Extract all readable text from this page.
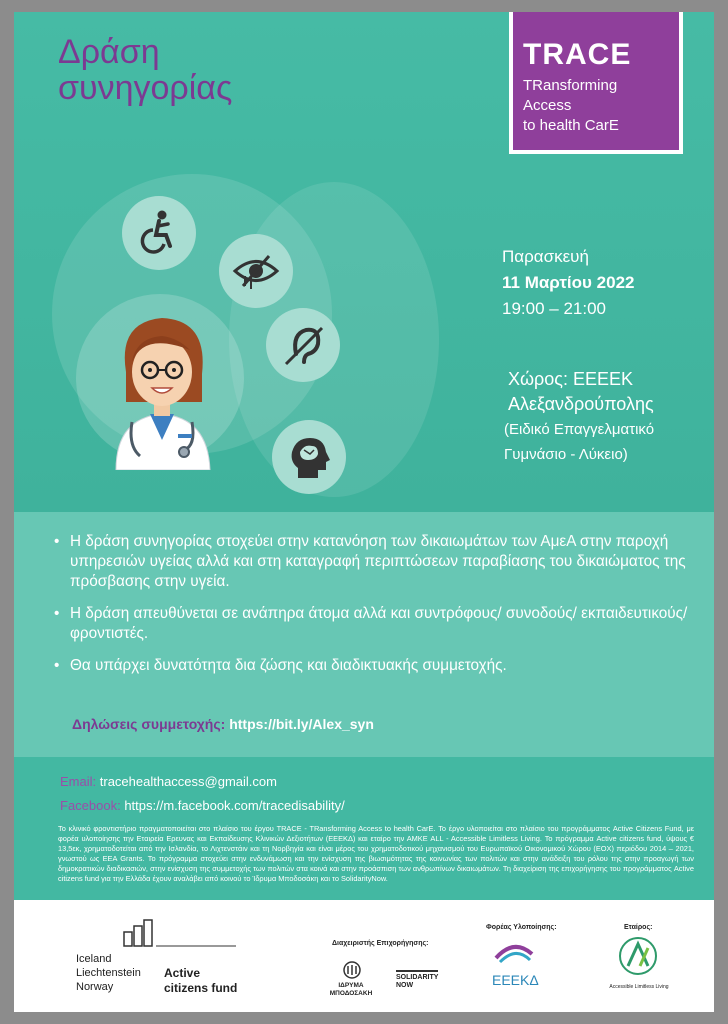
Δράση
συνηγορίας
TRACE
TRansforming
Access
to health CarE
Παρασκευή
11 Μαρτίου 2022
19:00 – 21:00
Χώρος: ΕΕΕΕΚ
Αλεξανδρούπολης
(Ειδικό Επαγγελματικό
Γυμνάσιο - Λύκειο)
• Η δράση συνηγορίας στοχεύει στην κατανόηση των δικαιωμάτων των ΑμεΑ στην παροχή υπηρεσιών υγείας αλλά και στη καταγραφή περιπτώσεων παραβίασης του δικαιώματος της πρόσβασης στην υγεία.
• Η δράση απευθύνεται σε ανάπηρα άτομα αλλά και συντρόφους/ συνοδούς/ εκπαιδευτικούς/ φροντιστές.
• Θα υπάρχει δυνατότητα δια ζώσης και διαδικτυακής συμμετοχής.
Δηλώσεις συμμετοχής: https://bit.ly/Alex_syn
Email: tracehealthaccess@gmail.com
Facebook: https://m.facebook.com/tracedisability/
Το κλινικό φροντιστήριο πραγματοποιείται στο πλαίσιο του έργου TRACE - TRansforming Access to health CarE. Το έργο υλοποιείται στο πλαίσιο του προγράμματος Active Citizens Fund, με φορέα υλοποίησης την Εταιρεία Ερευνας και Εκπαίδευσης Κλινικών Δεξιοτήτων (ΕΕΕΚΔ) και εταίρο την ΑΜΚΕ ALL - Accessible Limitless Living. Το πρόγραμμα Active citizens fund, ύψους € 13,5εκ, χρηματοδοτείται από την Ισλανδία, το Λιχτενστάιν και τη Νορβηγία και είναι μέρος του χρηματοδοτικού μηχανισμού του Ευρωπαϊκού Οικονομικού Χώρου (ΕΟΧ) περιόδου 2014 – 2021, γνωστού ως EEA Grants. Το πρόγραμμα στοχεύει στην ενδυνάμωση και την ενίσχυση της βιωσιμότητας της κοινωνίας των πολιτών και στην ανάδειξη του ρόλου της στην προαγωγή των δημοκρατικών διαδικασιών, στην ενίσχυση της συμμετοχής των πολιτών στα κοινά και στην προάσπιση των ανθρωπίνων δικαιωμάτων. Τη διαχείριση της επιχορήγησης του προγράμματος Active citizens fund για την Ελλάδα έχουν αναλάβει από κοινού το Ίδρυμα Μποδοσάκη και το SolidarityNow.
Iceland
Liechtenstein
Norway
Active
citizens fund
Διαχειριστής Επιχορήγησης:
ΙΔΡΥΜΑ
ΜΠΟΔΟΣΑΚΗ
SOLIDARITY
NOW
Φορέας Υλοποίησης:
ΕΕΕΚΔ
Εταίρος:
Accessible Limitless Living
